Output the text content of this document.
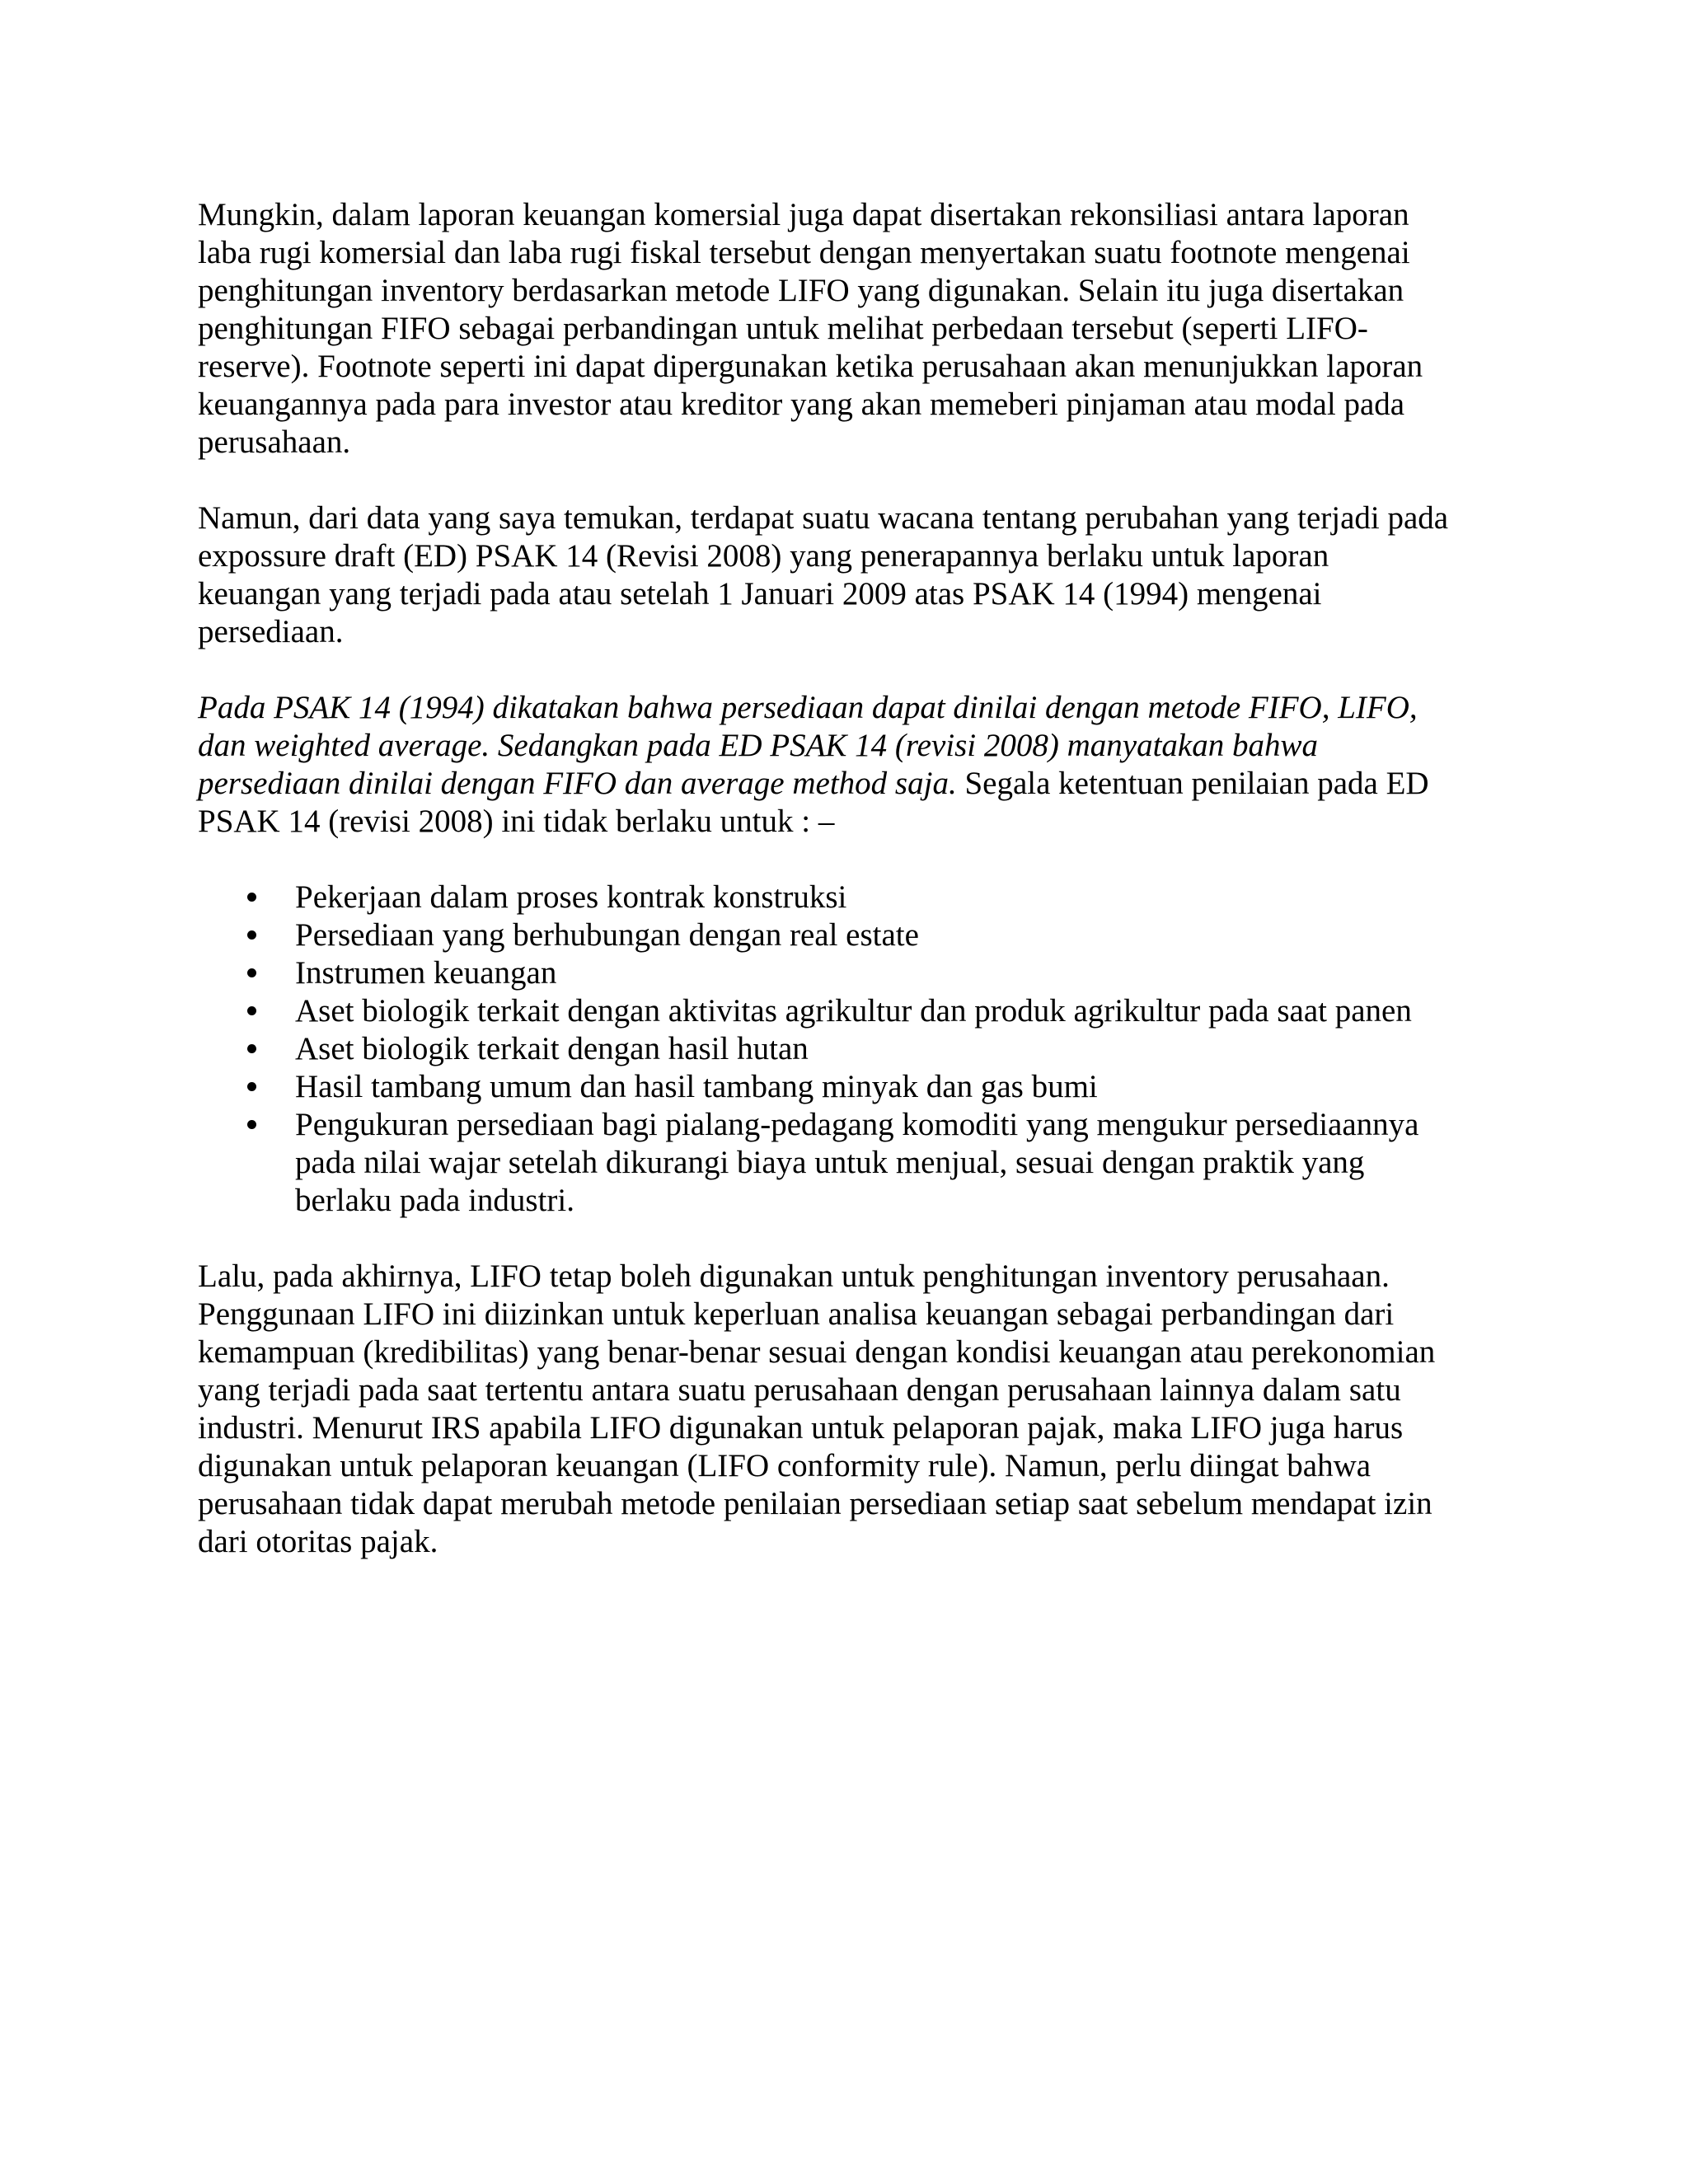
Mungkin, dalam laporan keuangan komersial juga dapat disertakan rekonsiliasi antara laporan
laba rugi komersial dan laba rugi fiskal tersebut dengan menyertakan suatu footnote mengenai
penghitungan inventory berdasarkan metode LIFO yang digunakan. Selain itu juga disertakan
penghitungan FIFO sebagai perbandingan untuk melihat perbedaan tersebut (seperti LIFO-
reserve). Footnote seperti ini dapat dipergunakan ketika perusahaan akan menunjukkan laporan
keuangannya pada para investor atau kreditor yang akan memeberi pinjaman atau modal pada
perusahaan.

Namun, dari data yang saya temukan, terdapat suatu wacana tentang perubahan yang terjadi pada
expossure draft (ED) PSAK 14 (Revisi 2008) yang penerapannya berlaku untuk laporan
keuangan yang terjadi pada atau setelah 1 Januari 2009 atas PSAK 14 (1994) mengenai
persediaan.

Pada PSAK 14 (1994) dikatakan bahwa persediaan dapat dinilai dengan metode FIFO, LIFO,
dan weighted average. Sedangkan pada ED PSAK 14 (revisi 2008) manyatakan bahwa
persediaan dinilai dengan FIFO dan average method saja. Segala ketentuan penilaian pada ED
PSAK 14 (revisi 2008) ini tidak berlaku untuk : –

Pekerjaan dalam proses kontrak konstruksi
Persediaan yang berhubungan dengan real estate
Instrumen keuangan
Aset biologik terkait dengan aktivitas agrikultur dan produk agrikultur pada saat panen
Aset biologik terkait dengan hasil hutan
Hasil tambang umum dan hasil tambang minyak dan gas bumi
Pengukuran persediaan bagi pialang-pedagang komoditi yang mengukur persediaannya
pada nilai wajar setelah dikurangi biaya untuk menjual, sesuai dengan praktik yang
berlaku pada industri.

Lalu, pada akhirnya, LIFO tetap boleh digunakan untuk penghitungan inventory perusahaan.
Penggunaan LIFO ini diizinkan untuk keperluan analisa keuangan sebagai perbandingan dari
kemampuan (kredibilitas) yang benar-benar sesuai dengan kondisi keuangan atau perekonomian
yang terjadi pada saat tertentu antara suatu perusahaan dengan perusahaan lainnya dalam satu
industri. Menurut IRS apabila LIFO digunakan untuk pelaporan pajak, maka LIFO juga harus
digunakan untuk pelaporan keuangan (LIFO conformity rule). Namun, perlu diingat bahwa
perusahaan tidak dapat merubah metode penilaian persediaan setiap saat sebelum mendapat izin
dari otoritas pajak.
